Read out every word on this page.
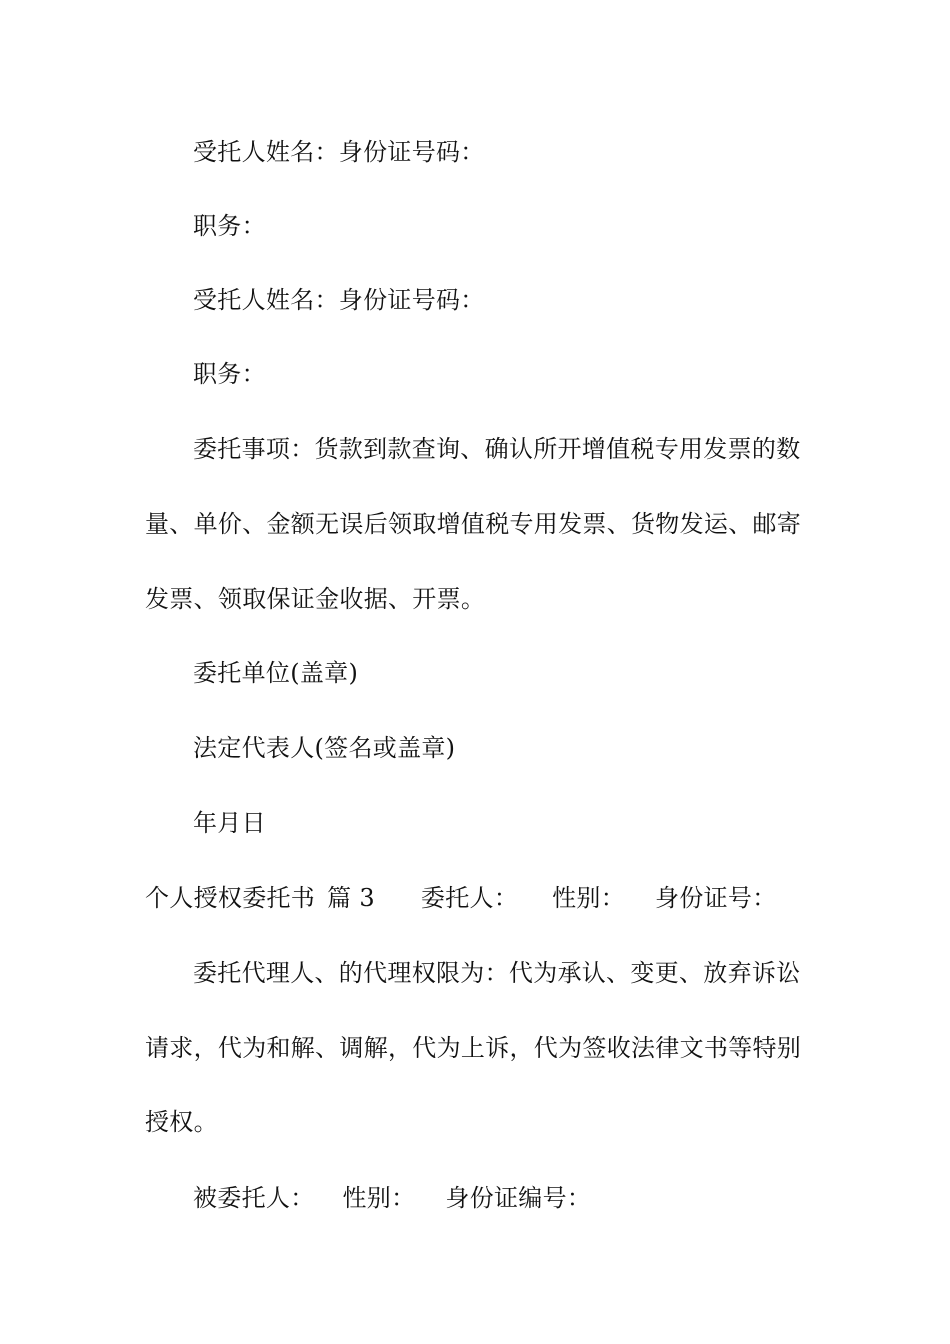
受托人姓名：身份证号码：
职务：
受托人姓名：身份证号码：
职务：
委托事项：货款到款查询、确认所开增值税专用发票的数
量、单价、金额无误后领取增值税专用发票、货物发运、邮寄
发票、领取保证金收据、开票。
委托单位(盖章)
法定代表人(签名或盖章)
年月日
个人授权委托书 篇 3 委托人： 性别： 身份证号：
委托代理人、的代理权限为：代为承认、变更、放弃诉讼
请求，代为和解、调解，代为上诉，代为签收法律文书等特别
授权。
被委托人： 性别： 身份证编号：
